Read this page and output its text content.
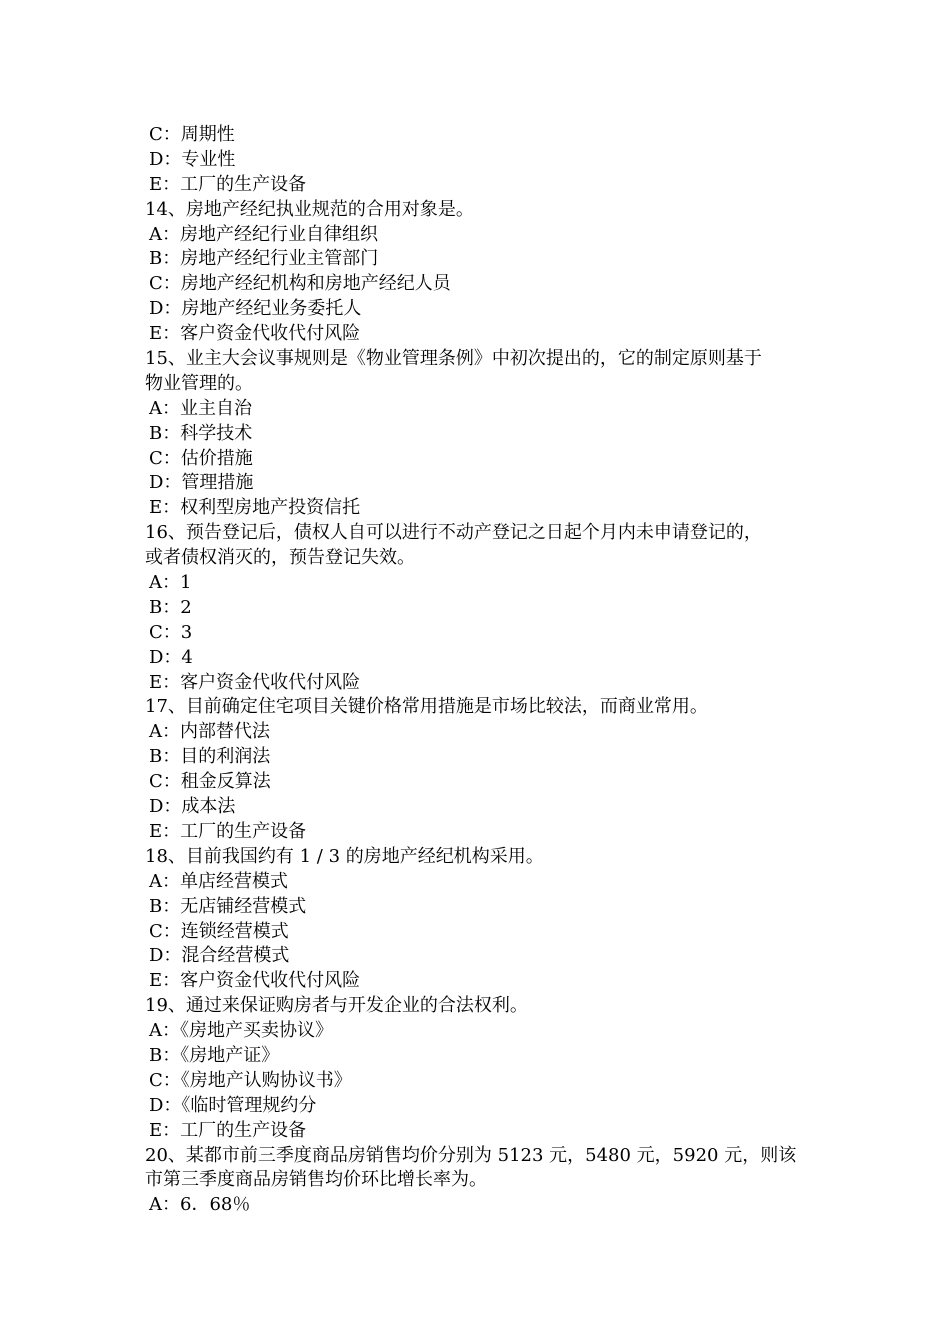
C：周期性
D：专业性
E：工厂的生产设备
14、房地产经纪执业规范的合用对象是。
A：房地产经纪行业自律组织
B：房地产经纪行业主管部门
C：房地产经纪机构和房地产经纪人员
D：房地产经纪业务委托人
E：客户资金代收代付风险
15、业主大会议事规则是《物业管理条例》中初次提出的，它的制定原则基于
物业管理的。
A：业主自治
B：科学技术
C：估价措施
D：管理措施
E：权利型房地产投资信托
16、预告登记后，债权人自可以进行不动产登记之日起个月内未申请登记的，
或者债权消灭的，预告登记失效。
A：1
B：2
C：3
D：4
E：客户资金代收代付风险
17、目前确定住宅项目关键价格常用措施是市场比较法，而商业常用。
A：内部替代法
B：目的利润法
C：租金反算法
D：成本法
E：工厂的生产设备
18、目前我国约有 1 / 3 的房地产经纪机构采用。
A：单店经营模式
B：无店铺经营模式
C：连锁经营模式
D：混合经营模式
E：客户资金代收代付风险
19、通过来保证购房者与开发企业的合法权利。
A：《房地产买卖协议》
B：《房地产证》
C：《房地产认购协议书》
D：《临时管理规约分
E：工厂的生产设备
20、某都市前三季度商品房销售均价分别为 5123 元，5480 元，5920 元，则该
市第三季度商品房销售均价环比增长率为。
A：6．68％
